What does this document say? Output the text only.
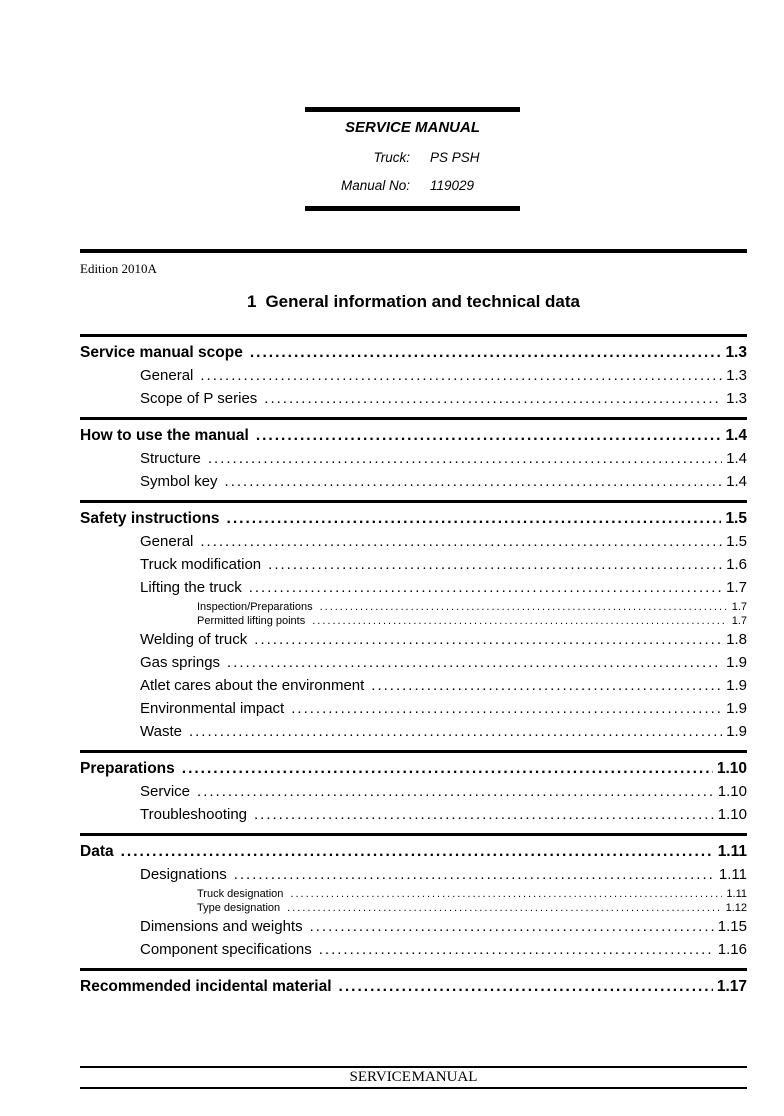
SERVICE MANUAL
Truck: PS PSH
Manual No: 119029
Edition 2010A
1 General information and technical data
Service manual scope .....	1.3
General .....	1.3
Scope of P series .....	1.3
How to use the manual .....	1.4
Structure .....	1.4
Symbol key .....	1.4
Safety instructions .....	1.5
General .....	1.5
Truck modification .....	1.6
Lifting the truck .....	1.7
Inspection/Preparations .....	1.7
Permitted lifting points .....	1.7
Welding of truck .....	1.8
Gas springs .....	1.9
Atlet cares about the environment .....	1.9
Environmental impact .....	1.9
Waste .....	1.9
Preparations .....	1.10
Service .....	1.10
Troubleshooting .....	1.10
Data .....	1.11
Designations .....	1.11
Truck designation .....	1.11
Type designation .....	1.12
Dimensions and weights .....	1.15
Component specifications .....	1.16
Recommended incidental material .....	1.17
SERVICE MANUAL
